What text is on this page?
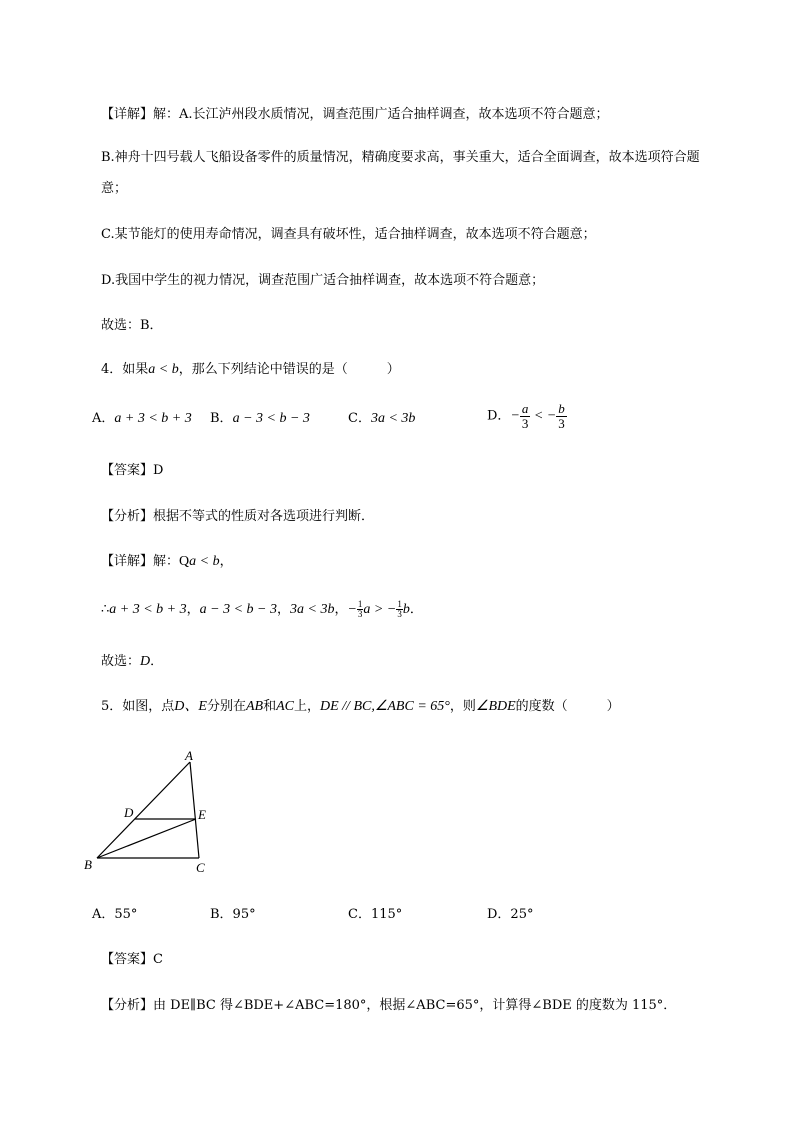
【详解】解：A.长江泸州段水质情况，调查范围广适合抽样调查，故本选项不符合题意；
B.神舟十四号载人飞船设备零件的质量情况，精确度要求高，事关重大，适合全面调查，故本选项符合题
意；
C.某节能灯的使用寿命情况，调查具有破坏性，适合抽样调查，故本选项不符合题意；
D.我国中学生的视力情况，调查范围广适合抽样调查，故本选项不符合题意；
故选：B．
4．如果a < b，那么下列结论中错误的是（　　　）
A．a + 3 < b + 3 B．a − 3 < b − 3	C．3a < 3b	D．− $\frac{a}{3}$ < − $\frac{b}{3}$
【答案】D
【分析】根据不等式的性质对各选项进行判断．
【详解】解：Qa < b，
∴a + 3 < b + 3，a − 3 < b − 3，3a < 3b，− $\frac{1}{3}$ a > − $\frac{1}{3}$ b．
故选：D．
5．如图，点D、E分别在AB和AC上，DE // BC,∠ABC = 65°，则∠BDE的度数（　　　）
A
D	E
B	C
A．55°	B．95°	C．115°	D．25°
【答案】C
【分析】由 DE∥BC 得∠BDE+∠ABC=180°，根据∠ABC=65°，计算得∠BDE 的度数为 115°．
